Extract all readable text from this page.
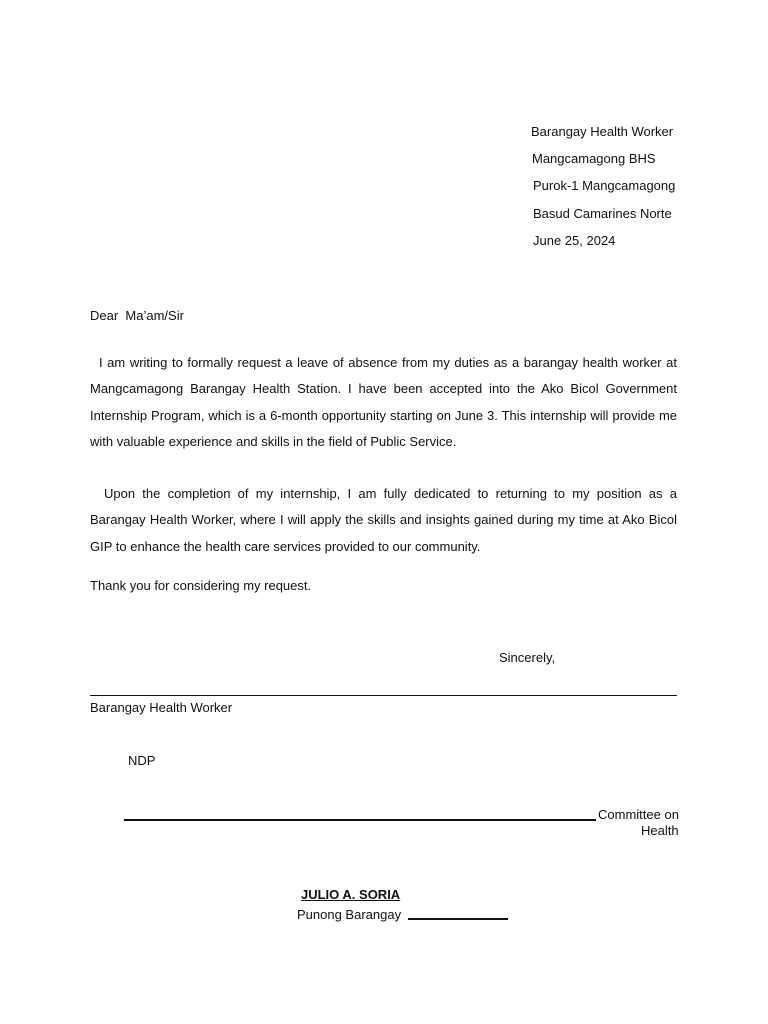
Barangay Health Worker
Mangcamagong BHS
Purok-1 Mangcamagong
Basud Camarines Norte
June 25, 2024
Dear  Ma’am/Sir

I am writing to formally request a leave of absence from my duties as a barangay health worker at Mangcamagong Barangay Health Station. I have been accepted into the Ako Bicol Government Internship Program, which is a 6-month opportunity starting on June 3. This internship will provide me with valuable experience and skills in the field of Public Service.

Upon the completion of my internship, I am fully dedicated to returning to my position as a Barangay Health Worker, where I will apply the skills and insights gained during my time at Ako Bicol GIP to enhance the health care services provided to our community.

Thank you for considering my request.
Sincerely,
Barangay Health Worker
NDP
Committee on
Health
JULIO A. SORIA
Punong Barangay
